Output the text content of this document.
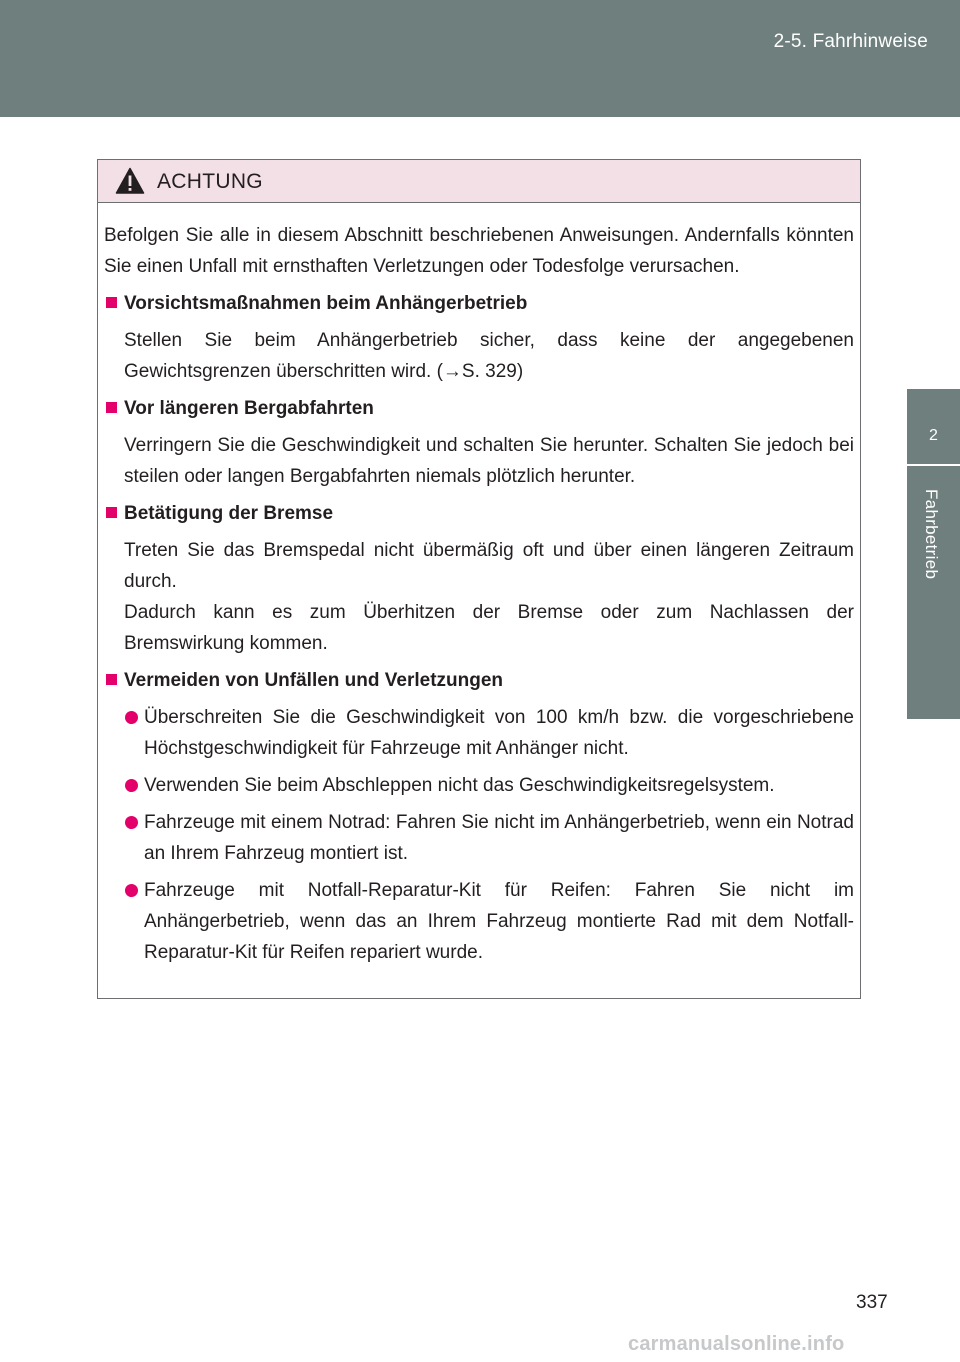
2-5. Fahrhinweise
2
Fahrbetrieb
ACHTUNG

Befolgen Sie alle in diesem Abschnitt beschriebenen Anweisungen. Andernfalls könnten Sie einen Unfall mit ernsthaften Verletzungen oder Todesfolge verursachen.

Vorsichtsmaßnahmen beim Anhängerbetrieb

Stellen Sie beim Anhängerbetrieb sicher, dass keine der angegebenen Gewichtsgrenzen überschritten wird. (→S. 329)

Vor längeren Bergabfahrten

Verringern Sie die Geschwindigkeit und schalten Sie herunter. Schalten Sie jedoch bei steilen oder langen Bergabfahrten niemals plötzlich herunter.

Betätigung der Bremse
Treten Sie das Bremspedal nicht übermäßig oft und über einen längeren Zeitraum durch.
Dadurch kann es zum Überhitzen der Bremse oder zum Nachlassen der Bremswirkung kommen.
Vermeiden von Unfällen und Verletzungen
Überschreiten Sie die Geschwindigkeit von 100 km/h bzw. die vorgeschriebene Höchstgeschwindigkeit für Fahrzeuge mit Anhänger nicht.
Verwenden Sie beim Abschleppen nicht das Geschwindigkeitsregelsystem.
Fahrzeuge mit einem Notrad: Fahren Sie nicht im Anhängerbetrieb, wenn ein Notrad an Ihrem Fahrzeug montiert ist.
Fahrzeuge mit Notfall-Reparatur-Kit für Reifen: Fahren Sie nicht im Anhängerbetrieb, wenn das an Ihrem Fahrzeug montierte Rad mit dem Notfall-Reparatur-Kit für Reifen repariert wurde.
337
carmanualsonline.info
